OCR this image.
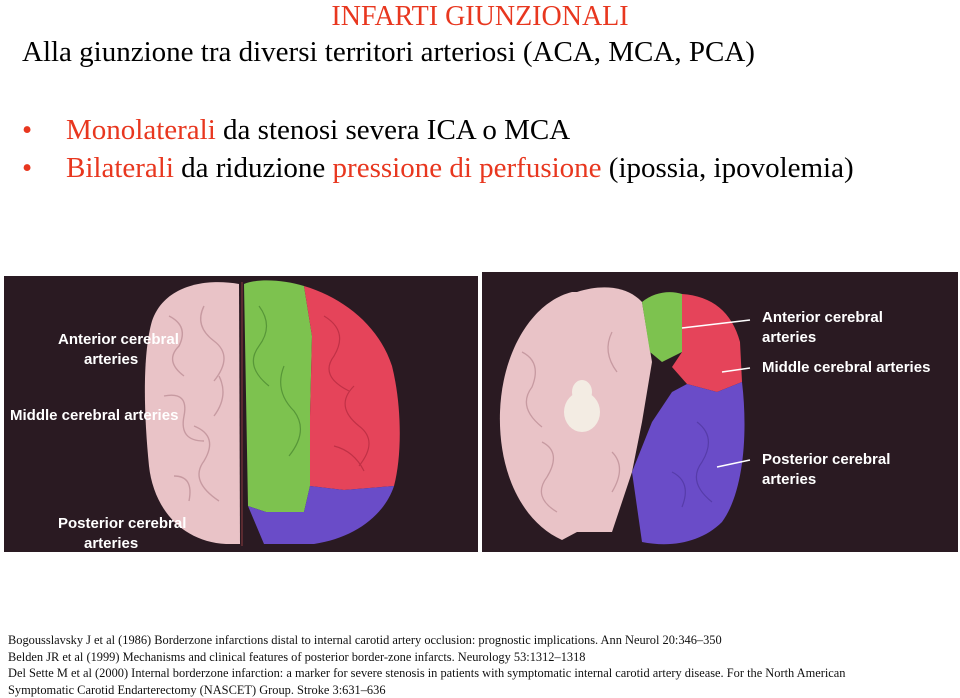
INFARTI GIUNZIONALI
Alla giunzione tra diversi territori arteriosi (ACA, MCA, PCA)
• Monolaterali da stenosi severa ICA o MCA
• Bilaterali da riduzione pressione di perfusione (ipossia, ipovolemia)
Anterior cerebral
arteries
Middle cerebral arteries
Posterior cerebral
arteries
Anterior cerebral
arteries
Middle cerebral arteries
Posterior cerebral
arteries
Bogousslavsky J et al (1986) Borderzone infarctions distal to internal carotid artery occlusion: prognostic implications. Ann Neurol 20:346–350
Belden JR et al (1999) Mechanisms and clinical features of posterior border-zone infarcts. Neurology 53:1312–1318
Del Sette M et al (2000) Internal borderzone infarction: a marker for severe stenosis in patients with symptomatic internal carotid artery disease. For the North American
Symptomatic Carotid Endarterectomy (NASCET) Group. Stroke 3:631–636
